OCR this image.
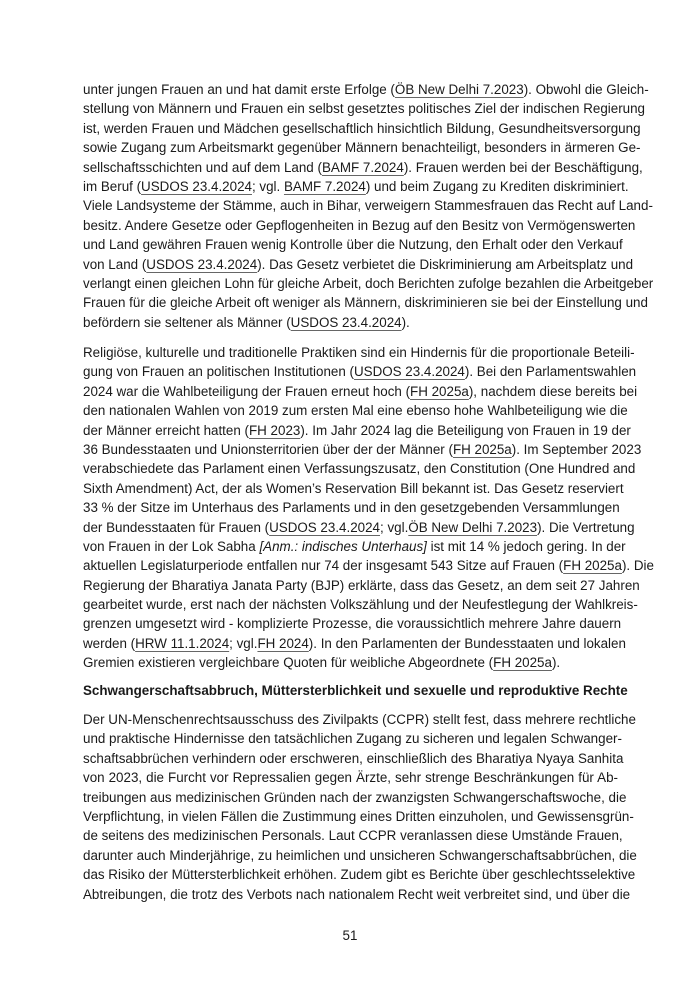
unter jungen Frauen an und hat damit erste Erfolge (ÖB New Delhi 7.2023). Obwohl die Gleich-
stellung von Männern und Frauen ein selbst gesetztes politisches Ziel der indischen Regierung
ist, werden Frauen und Mädchen gesellschaftlich hinsichtlich Bildung, Gesundheitsversorgung
sowie Zugang zum Arbeitsmarkt gegenüber Männern benachteiligt, besonders in ärmeren Ge-
sellschaftsschichten und auf dem Land (BAMF 7.2024). Frauen werden bei der Beschäftigung,
im Beruf (USDOS 23.4.2024; vgl. BAMF 7.2024) und beim Zugang zu Krediten diskriminiert.
Viele Landsysteme der Stämme, auch in Bihar, verweigern Stammesfrauen das Recht auf Land-
besitz. Andere Gesetze oder Gepflogenheiten in Bezug auf den Besitz von Vermögenswerten
und Land gewähren Frauen wenig Kontrolle über die Nutzung, den Erhalt oder den Verkauf
von Land (USDOS 23.4.2024). Das Gesetz verbietet die Diskriminierung am Arbeitsplatz und
verlangt einen gleichen Lohn für gleiche Arbeit, doch Berichten zufolge bezahlen die Arbeitgeber
Frauen für die gleiche Arbeit oft weniger als Männern, diskriminieren sie bei der Einstellung und
befördern sie seltener als Männer (USDOS 23.4.2024).
Religiöse, kulturelle und traditionelle Praktiken sind ein Hindernis für die proportionale Beteili-
gung von Frauen an politischen Institutionen (USDOS 23.4.2024). Bei den Parlamentswahlen
2024 war die Wahlbeteiligung der Frauen erneut hoch (FH 2025a), nachdem diese bereits bei
den nationalen Wahlen von 2019 zum ersten Mal eine ebenso hohe Wahlbeteiligung wie die
der Männer erreicht hatten (FH 2023). Im Jahr 2024 lag die Beteiligung von Frauen in 19 der
36 Bundesstaaten und Unionsterritorien über der der Männer (FH 2025a). Im September 2023
verabschiedete das Parlament einen Verfassungszusatz, den Constitution (One Hundred and
Sixth Amendment) Act, der als Women’s Reservation Bill bekannt ist. Das Gesetz reserviert
33 % der Sitze im Unterhaus des Parlaments und in den gesetzgebenden Versammlungen
der Bundesstaaten für Frauen (USDOS 23.4.2024; vgl.ÖB New Delhi 7.2023). Die Vertretung
von Frauen in der Lok Sabha [Anm.: indisches Unterhaus] ist mit 14 % jedoch gering. In der
aktuellen Legislaturperiode entfallen nur 74 der insgesamt 543 Sitze auf Frauen (FH 2025a). Die
Regierung der Bharatiya Janata Party (BJP) erklärte, dass das Gesetz, an dem seit 27 Jahren
gearbeitet wurde, erst nach der nächsten Volkszählung und der Neufestlegung der Wahlkreis-
grenzen umgesetzt wird - komplizierte Prozesse, die voraussichtlich mehrere Jahre dauern
werden (HRW 11.1.2024; vgl.FH 2024). In den Parlamenten der Bundesstaaten und lokalen
Gremien existieren vergleichbare Quoten für weibliche Abgeordnete (FH 2025a).
Schwangerschaftsabbruch, Müttersterblichkeit und sexuelle und reproduktive Rechte
Der UN-Menschenrechtsausschuss des Zivilpakts (CCPR) stellt fest, dass mehrere rechtliche
und praktische Hindernisse den tatsächlichen Zugang zu sicheren und legalen Schwanger-
schaftsabbrüchen verhindern oder erschweren, einschließlich des Bharatiya Nyaya Sanhita
von 2023, die Furcht vor Repressalien gegen Ärzte, sehr strenge Beschränkungen für Ab-
treibungen aus medizinischen Gründen nach der zwanzigsten Schwangerschaftswoche, die
Verpflichtung, in vielen Fällen die Zustimmung eines Dritten einzuholen, und Gewissensgrün-
de seitens des medizinischen Personals. Laut CCPR veranlassen diese Umstände Frauen,
darunter auch Minderjährige, zu heimlichen und unsicheren Schwangerschaftsabbrüchen, die
das Risiko der Müttersterblichkeit erhöhen. Zudem gibt es Berichte über geschlechtsselektive
Abtreibungen, die trotz des Verbots nach nationalem Recht weit verbreitet sind, und über die
51
